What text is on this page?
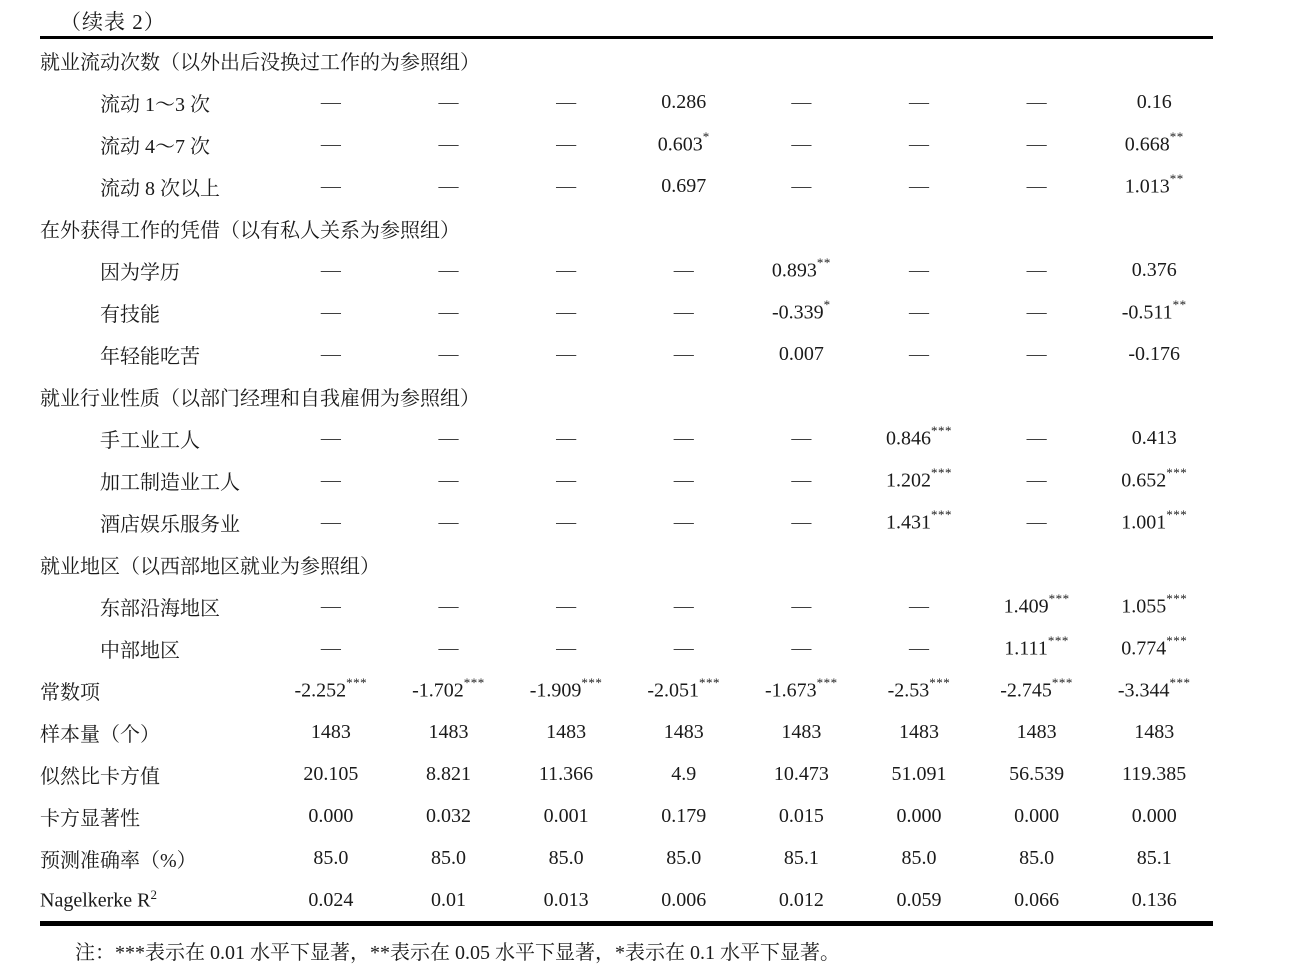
（续表 2）
就业流动次数（以外出后没换过工作的为参照组）								
流动 1～3 次	—	—	—	0.286	—	—	—	0.16
流动 4～7 次	—	—	—	0.603*	—	—	—	0.668**
流动 8 次以上	—	—	—	0.697	—	—	—	1.013**
在外获得工作的凭借（以有私人关系为参照组）								
因为学历	—	—	—	—	0.893**	—	—	0.376
有技能	—	—	—	—	-0.339*	—	—	-0.511**
年轻能吃苦	—	—	—	—	0.007	—	—	-0.176
就业行业性质（以部门经理和自我雇佣为参照组）								
手工业工人	—	—	—	—	—	0.846***	—	0.413
加工制造业工人	—	—	—	—	—	1.202***	—	0.652***
酒店娱乐服务业	—	—	—	—	—	1.431***	—	1.001***
就业地区（以西部地区就业为参照组）								
东部沿海地区	—	—	—	—	—	—	1.409***	1.055***
中部地区	—	—	—	—	—	—	1.111***	0.774***
常数项	-2.252***	-1.702***	-1.909***	-2.051***	-1.673***	-2.53***	-2.745***	-3.344***
样本量（个）	1483	1483	1483	1483	1483	1483	1483	1483
似然比卡方值	20.105	8.821	11.366	4.9	10.473	51.091	56.539	119.385
卡方显著性	0.000	0.032	0.001	0.179	0.015	0.000	0.000	0.000
预测准确率（%）	85.0	85.0	85.0	85.0	85.1	85.0	85.0	85.1
Nagelkerke $R^2$	0.024	0.01	0.013	0.006	0.012	0.059	0.066	0.136
注：***表示在 0.01 水平下显著，**表示在 0.05 水平下显著，*表示在 0.1 水平下显著。
